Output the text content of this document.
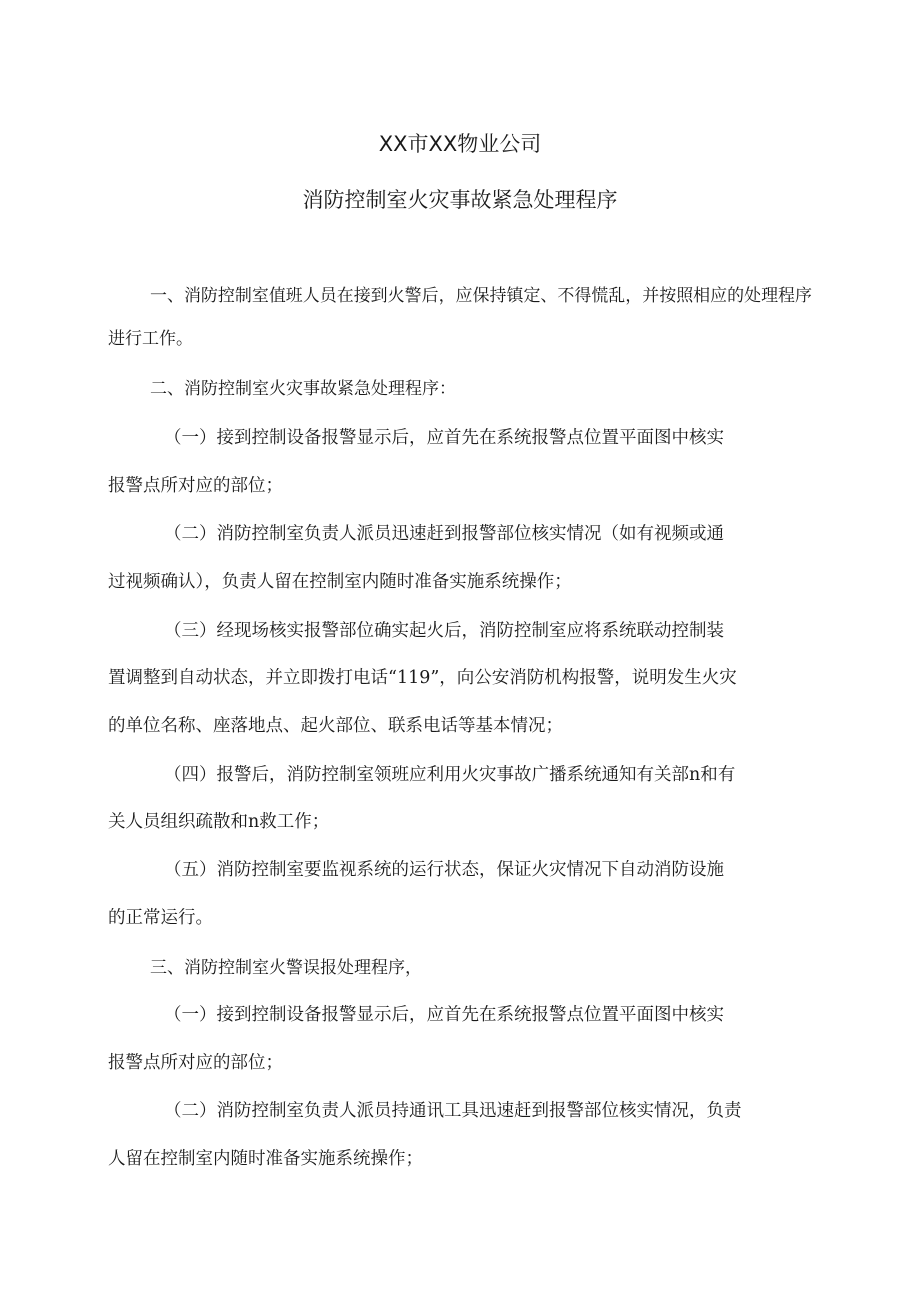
XX市XX物业公司
消防控制室火灾事故紧急处理程序
一、消防控制室值班人员在接到火警后，应保持镇定、不得慌乱，并按照相应的处理程序
进行工作。
二、消防控制室火灾事故紧急处理程序：
（一）接到控制设备报警显示后，应首先在系统报警点位置平面图中核实
报警点所对应的部位；
（二）消防控制室负责人派员迅速赶到报警部位核实情况（如有视频或通
过视频确认），负责人留在控制室内随时准备实施系统操作；
（三）经现场核实报警部位确实起火后，消防控制室应将系统联动控制装
置调整到自动状态，并立即拨打电话“119”，向公安消防机构报警，说明发生火灾
的单位名称、座落地点、起火部位、联系电话等基本情况；
（四）报警后，消防控制室领班应利用火灾事故广播系统通知有关部n和有
关人员组织疏散和n救工作；
（五）消防控制室要监视系统的运行状态，保证火灾情况下自动消防设施
的正常运行。
三、消防控制室火警误报处理程序，
（一）接到控制设备报警显示后，应首先在系统报警点位置平面图中核实
报警点所对应的部位；
（二）消防控制室负责人派员持通讯工具迅速赶到报警部位核实情况，负责
人留在控制室内随时准备实施系统操作；
